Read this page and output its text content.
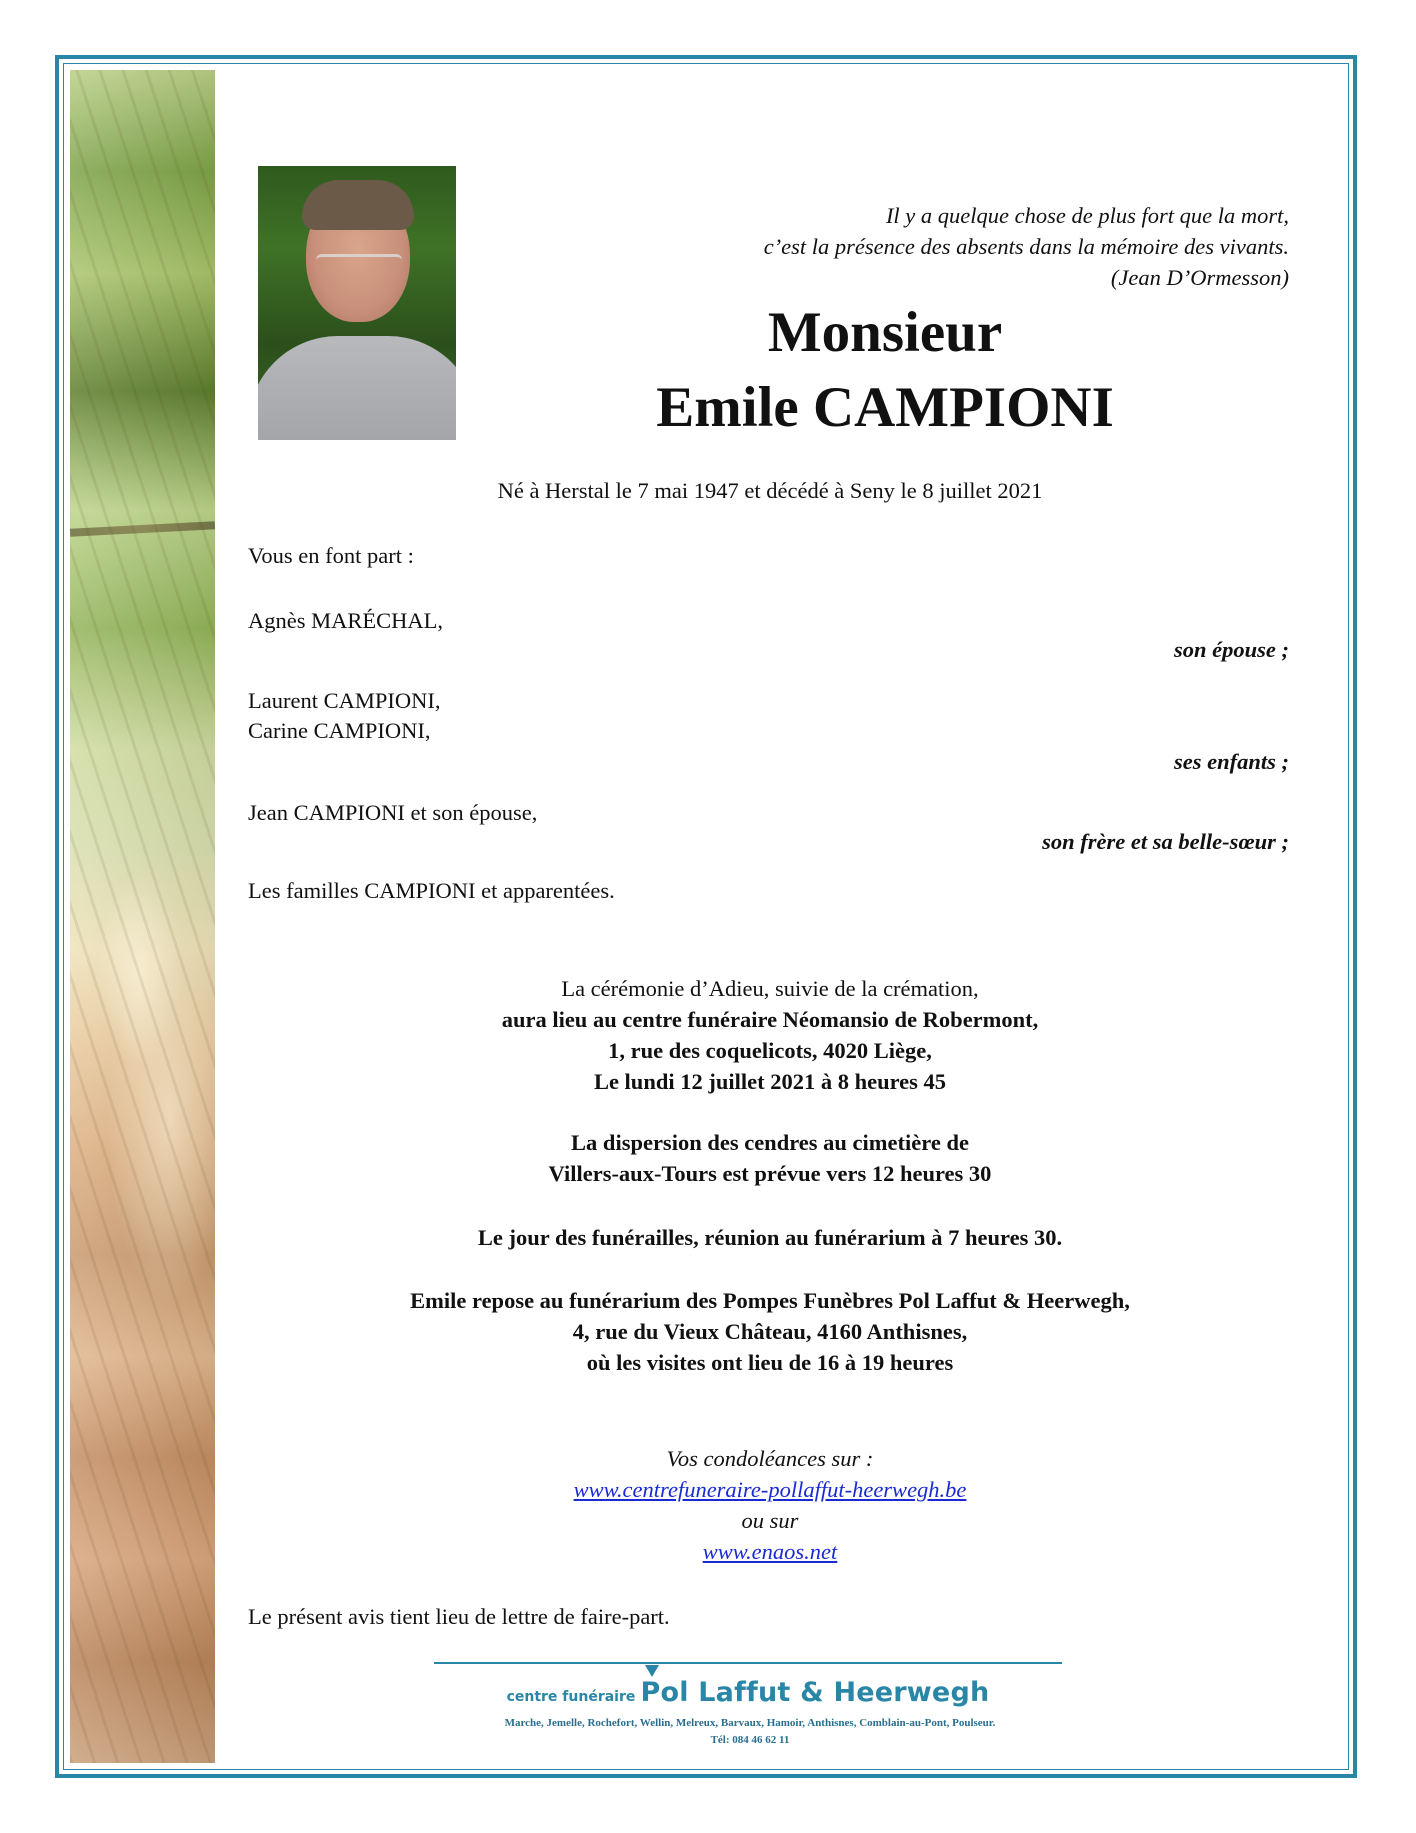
Il y a quelque chose de plus fort que la mort,
c’est la présence des absents dans la mémoire des vivants.
(Jean D’Ormesson)
Monsieur
Emile CAMPIONI
Né à Herstal le 7 mai 1947 et décédé à Seny le 8 juillet 2021
Vous en font part :
Agnès MARÉCHAL,
son épouse ;
Laurent CAMPIONI,
Carine CAMPIONI,
ses enfants ;
Jean CAMPIONI et son épouse,
son frère et sa belle-sœur ;
Les familles CAMPIONI et apparentées.
La cérémonie d’Adieu, suivie de la crémation,
aura lieu au centre funéraire Néomansio de Robermont,
1, rue des coquelicots, 4020 Liège,
Le lundi 12 juillet 2021 à 8 heures 45
La dispersion des cendres au cimetière de
Villers-aux-Tours est prévue vers 12 heures 30
Le jour des funérailles, réunion au funérarium à 7 heures 30.
Emile repose au funérarium des Pompes Funèbres Pol Laffut & Heerwegh,
4, rue du Vieux Château, 4160 Anthisnes,
où les visites ont lieu de 16 à 19 heures
Vos condoléances sur :
www.centrefuneraire-pollaffut-heerwegh.be
ou sur
www.enaos.net
Le présent avis tient lieu de lettre de faire-part.
centre funéraire Pol Laffut & Heerwegh
Marche, Jemelle, Rochefort, Wellin, Melreux, Barvaux, Hamoir, Anthisnes, Comblain-au-Pont, Poulseur.
Tél: 084 46 62 11
